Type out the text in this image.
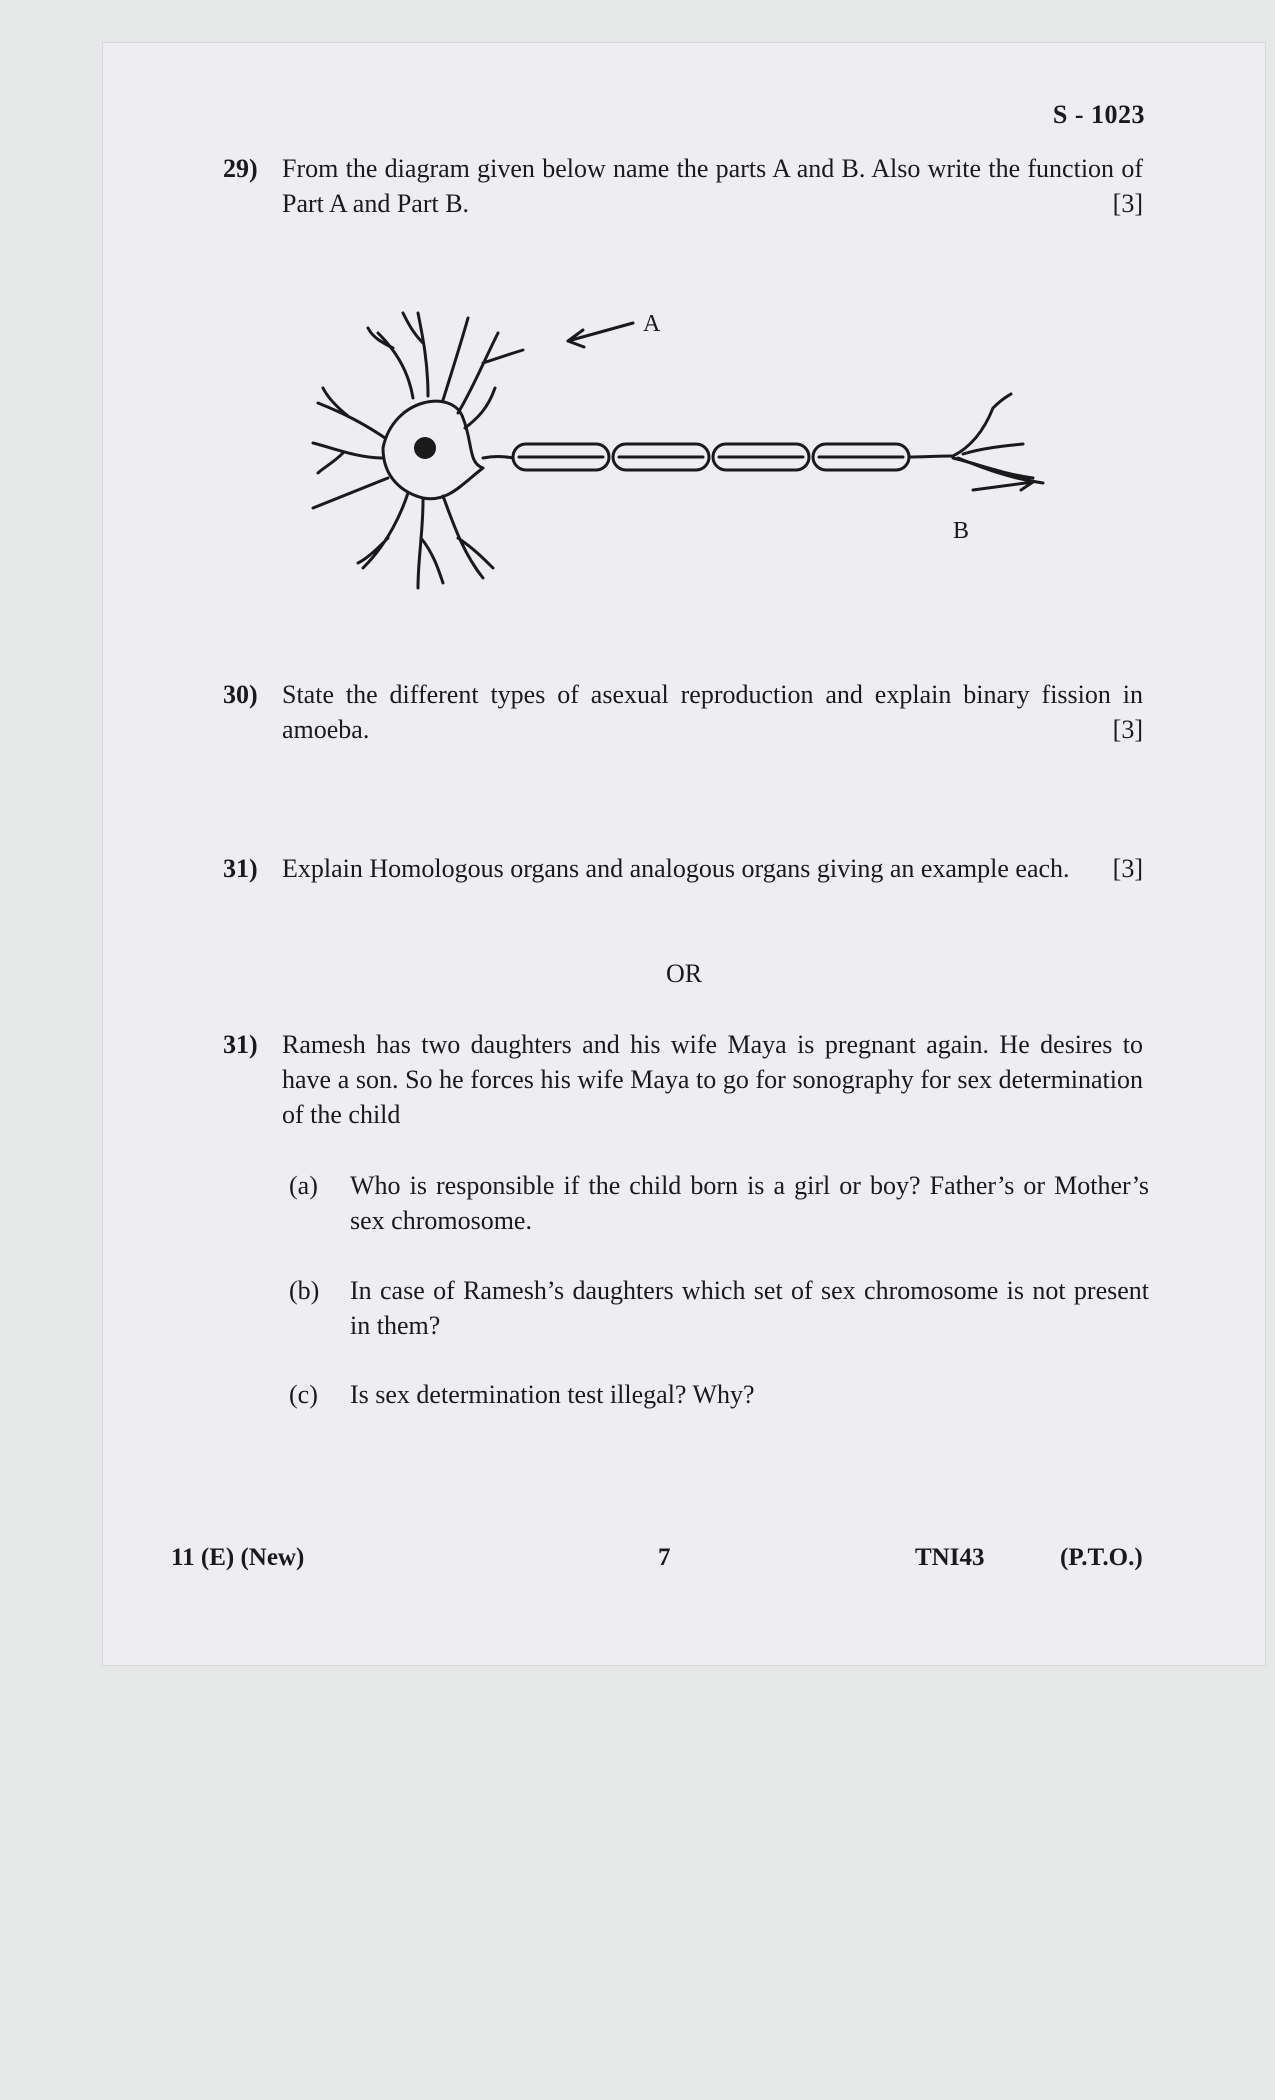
S - 1023
29) From the diagram given below name the parts A and B. Also write the function of Part A and Part B.	[3]
A
B
30) State the different types of asexual reproduction and explain binary fission in amoeba.	[3]
31) Explain Homologous organs and analogous organs giving an example each. [3]
OR
31) Ramesh has two daughters and his wife Maya is pregnant again. He desires to have a son. So he forces his wife Maya to go for sonography for sex determination of the child
(a) Who is responsible if the child born is a girl or boy? Father’s or Mother’s sex chromosome.
(b) In case of Ramesh’s daughters which set of sex chromosome is not present in them?
(c) Is sex determination test illegal? Why?
11 (E) (New)	7	TNI43	(P.T.O.)
